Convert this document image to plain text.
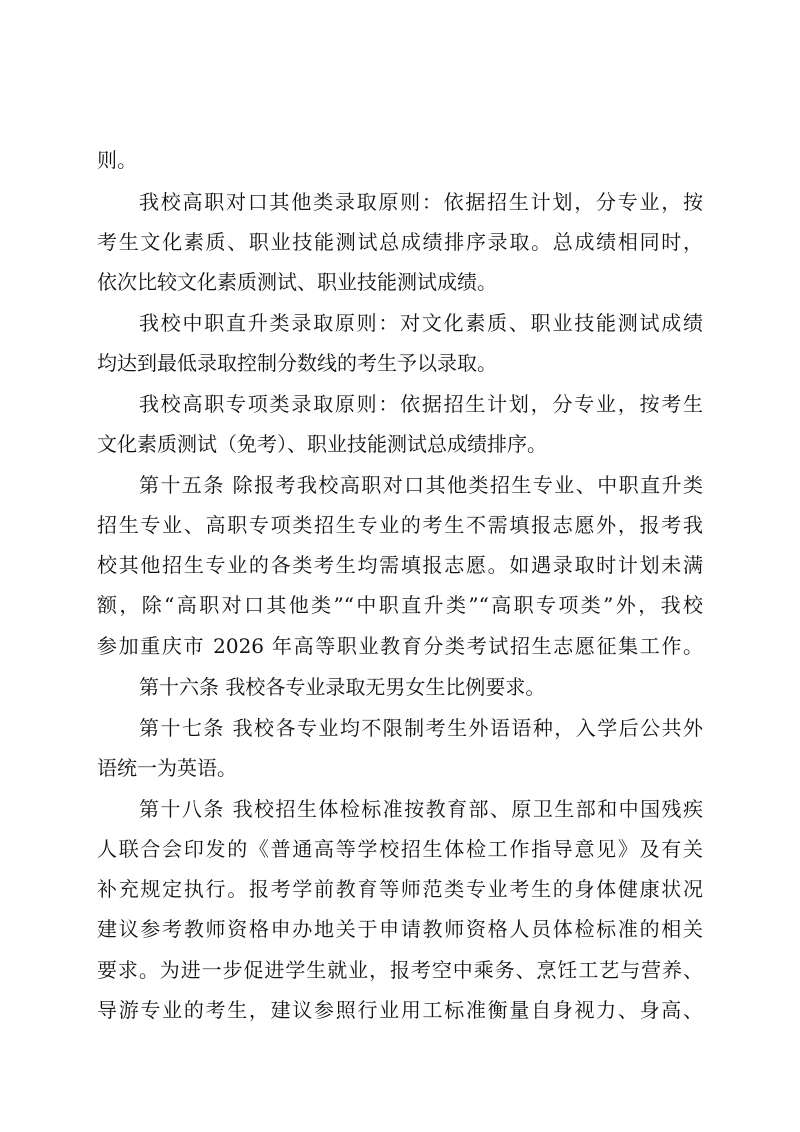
则。
我校高职对口其他类录取原则：依据招生计划，分专业，按
考生文化素质、职业技能测试总成绩排序录取。总成绩相同时，
依次比较文化素质测试、职业技能测试成绩。
我校中职直升类录取原则：对文化素质、职业技能测试成绩
均达到最低录取控制分数线的考生予以录取。
我校高职专项类录取原则：依据招生计划，分专业，按考生
文化素质测试（免考）、职业技能测试总成绩排序。
第十五条 除报考我校高职对口其他类招生专业、中职直升类
招生专业、高职专项类招生专业的考生不需填报志愿外，报考我
校其他招生专业的各类考生均需填报志愿。如遇录取时计划未满
额，除“高职对口其他类”“中职直升类”“高职专项类”外，我校
参加重庆市 2026 年高等职业教育分类考试招生志愿征集工作。
第十六条 我校各专业录取无男女生比例要求。
第十七条 我校各专业均不限制考生外语语种，入学后公共外
语统一为英语。
第十八条 我校招生体检标准按教育部、原卫生部和中国残疾
人联合会印发的《普通高等学校招生体检工作指导意见》及有关
补充规定执行。报考学前教育等师范类专业考生的身体健康状况
建议参考教师资格申办地关于申请教师资格人员体检标准的相关
要求。为进一步促进学生就业，报考空中乘务、烹饪工艺与营养、
导游专业的考生，建议参照行业用工标准衡量自身视力、身高、
